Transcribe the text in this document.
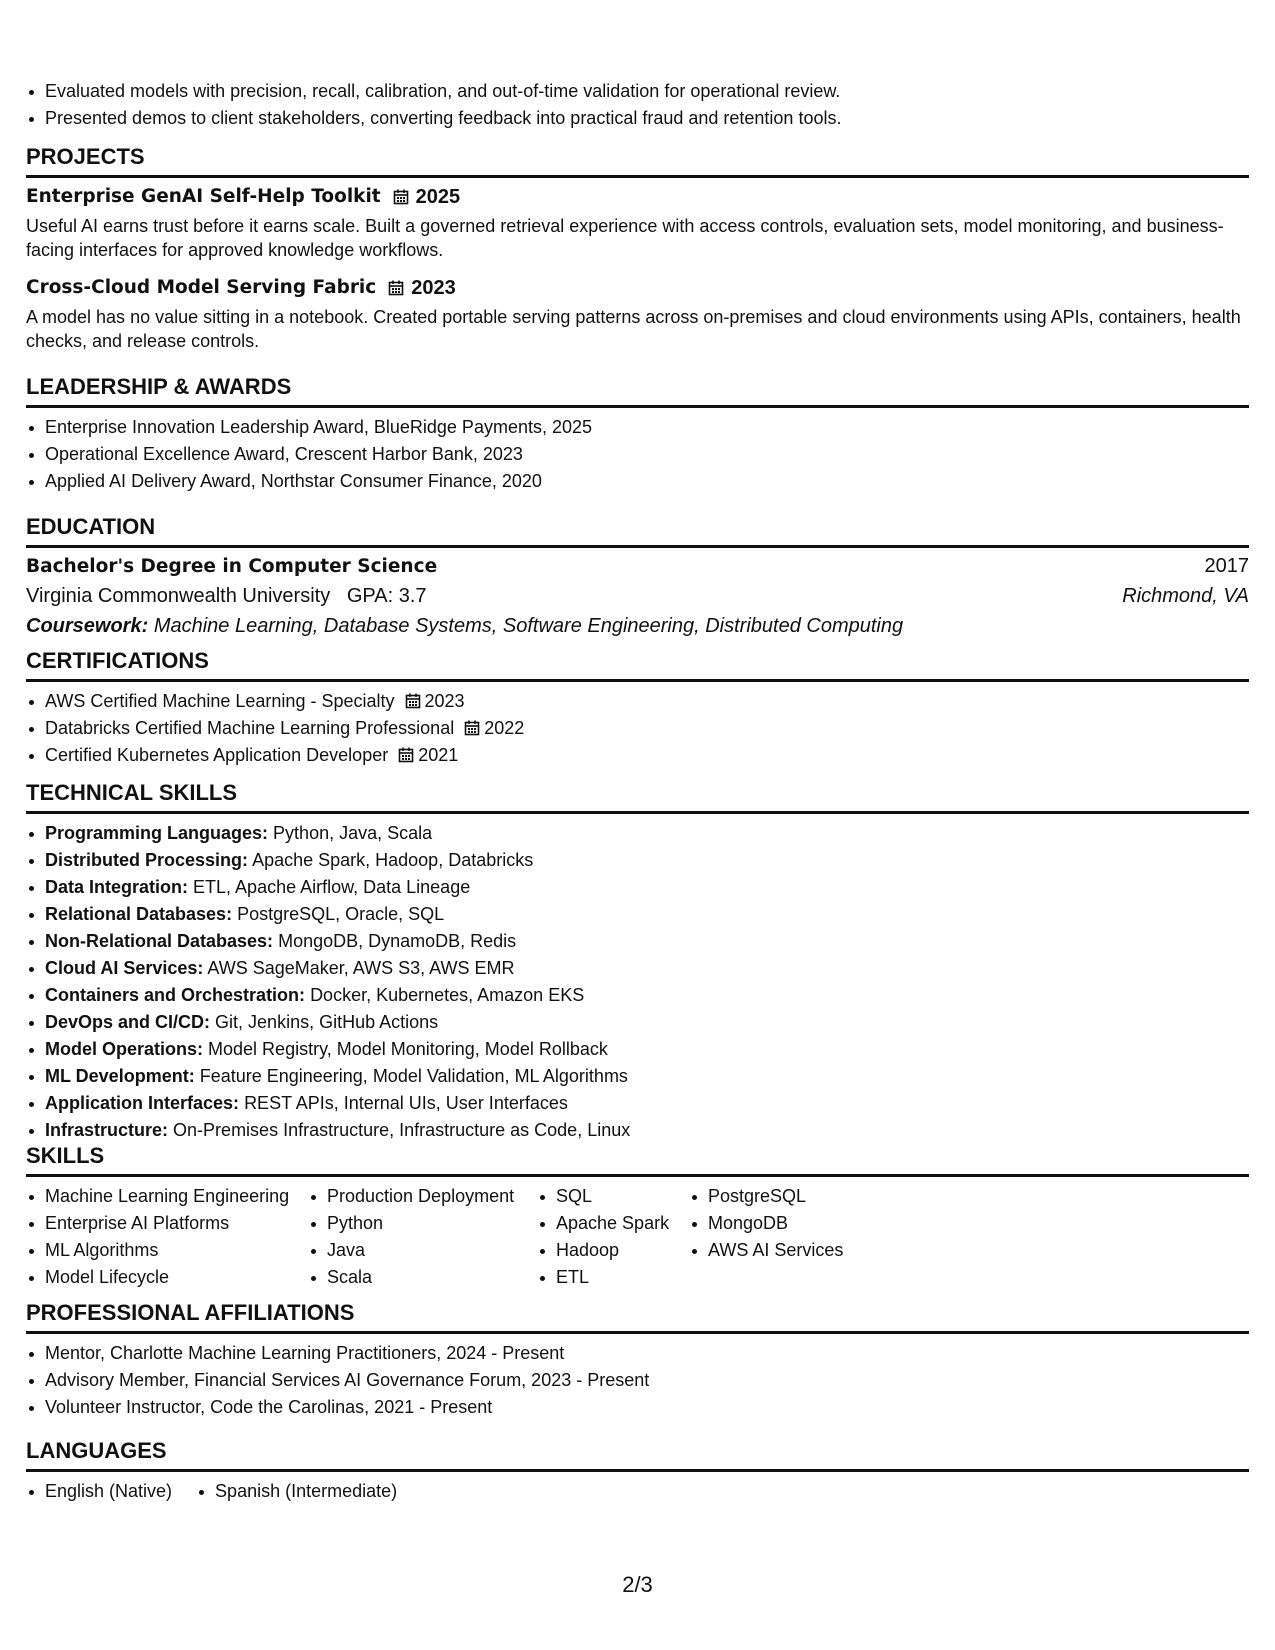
Evaluated models with precision, recall, calibration, and out-of-time validation for operational review.
Presented demos to client stakeholders, converting feedback into practical fraud and retention tools.
PROJECTS
Enterprise GenAI Self-Help Toolkit 2025
Useful AI earns trust before it earns scale. Built a governed retrieval experience with access controls, evaluation sets, model monitoring, and business-facing interfaces for approved knowledge workflows.
Cross-Cloud Model Serving Fabric 2023
A model has no value sitting in a notebook. Created portable serving patterns across on-premises and cloud environments using APIs, containers, health checks, and release controls.
LEADERSHIP & AWARDS
Enterprise Innovation Leadership Award, BlueRidge Payments, 2025
Operational Excellence Award, Crescent Harbor Bank, 2023
Applied AI Delivery Award, Northstar Consumer Finance, 2020
EDUCATION
Bachelor's Degree in Computer Science	2017
Virginia Commonwealth University GPA: 3.7	Richmond, VA
Coursework: Machine Learning, Database Systems, Software Engineering, Distributed Computing
CERTIFICATIONS
AWS Certified Machine Learning - Specialty 2023
Databricks Certified Machine Learning Professional 2022
Certified Kubernetes Application Developer 2021
TECHNICAL SKILLS
Programming Languages: Python, Java, Scala
Distributed Processing: Apache Spark, Hadoop, Databricks
Data Integration: ETL, Apache Airflow, Data Lineage
Relational Databases: PostgreSQL, Oracle, SQL
Non-Relational Databases: MongoDB, DynamoDB, Redis
Cloud AI Services: AWS SageMaker, AWS S3, AWS EMR
Containers and Orchestration: Docker, Kubernetes, Amazon EKS
DevOps and CI/CD: Git, Jenkins, GitHub Actions
Model Operations: Model Registry, Model Monitoring, Model Rollback
ML Development: Feature Engineering, Model Validation, ML Algorithms
Application Interfaces: REST APIs, Internal UIs, User Interfaces
Infrastructure: On-Premises Infrastructure, Infrastructure as Code, Linux
SKILLS
Machine Learning Engineering
Enterprise AI Platforms
ML Algorithms
Model Lifecycle
Production Deployment
Python
Java
Scala
SQL
Apache Spark
Hadoop
ETL
PostgreSQL
MongoDB
AWS AI Services
PROFESSIONAL AFFILIATIONS
Mentor, Charlotte Machine Learning Practitioners, 2024 - Present
Advisory Member, Financial Services AI Governance Forum, 2023 - Present
Volunteer Instructor, Code the Carolinas, 2021 - Present
LANGUAGES
English (Native)	Spanish (Intermediate)
2/3
